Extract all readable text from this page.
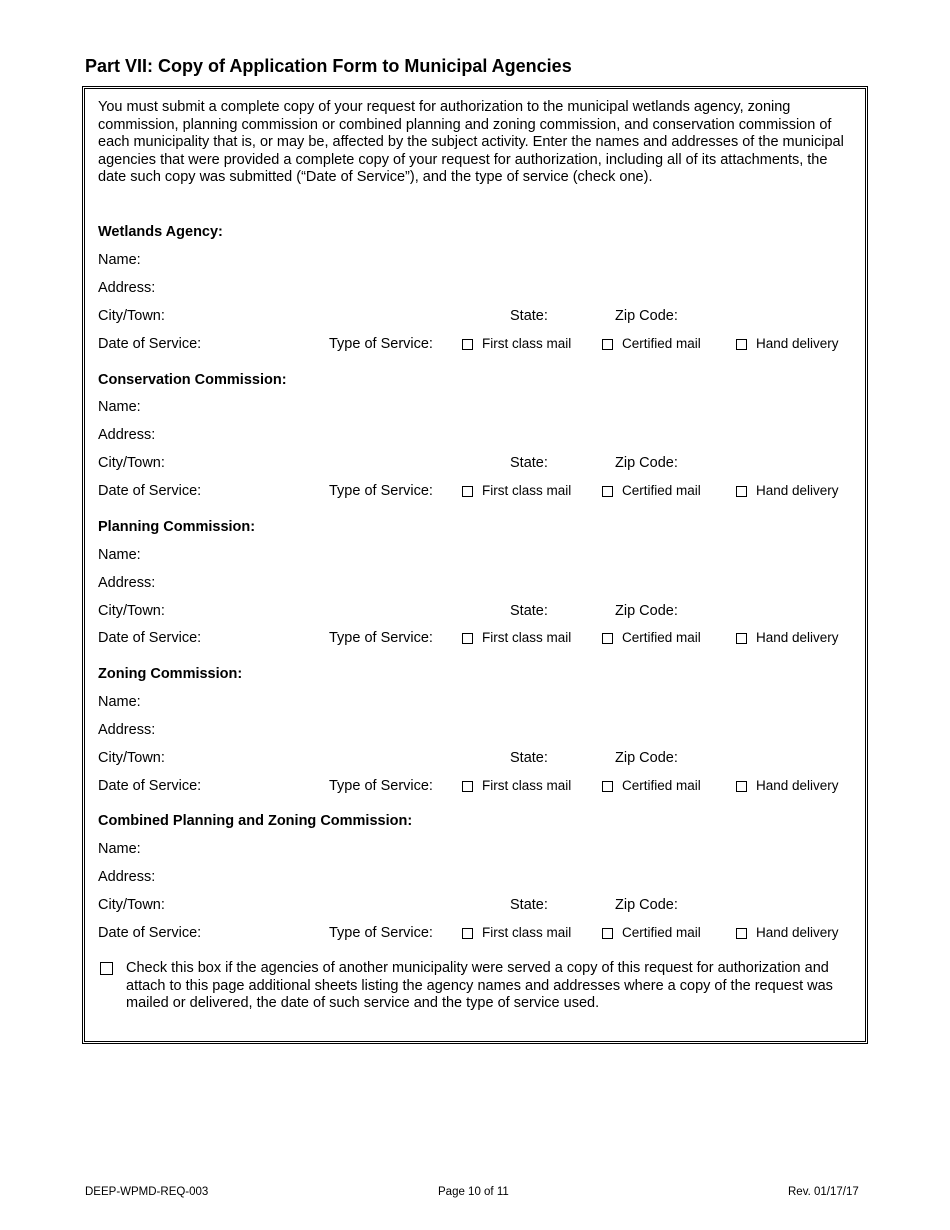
Part VII: Copy of Application Form to Municipal Agencies

You must submit a complete copy of your request for authorization to the municipal wetlands agency, zoning commission, planning commission or combined planning and zoning commission, and conservation commission of each municipality that is, or may be, affected by the subject activity. Enter the names and addresses of the municipal agencies that were provided a complete copy of your request for authorization, including all of its attachments, the date such copy was submitted (“Date of Service”), and the type of service (check one).

Wetlands Agency:
Name:
Address:
City/Town:	State:	Zip Code:
Date of Service:	Type of Service:	First class mail	Certified mail	Hand delivery
Conservation Commission:
Name:
Address:
City/Town:	State:	Zip Code:
Date of Service:	Type of Service:	First class mail	Certified mail	Hand delivery
Planning Commission:
Name:
Address:
City/Town:	State:	Zip Code:
Date of Service:	Type of Service:	First class mail	Certified mail	Hand delivery
Zoning Commission:
Name:
Address:
City/Town:	State:	Zip Code:
Date of Service:	Type of Service:	First class mail	Certified mail	Hand delivery
Combined Planning and Zoning Commission:
Name:
Address:
City/Town:	State:	Zip Code:
Date of Service:	Type of Service:	First class mail	Certified mail	Hand delivery

Check this box if the agencies of another municipality were served a copy of this request for authorization and attach to this page additional sheets listing the agency names and addresses where a copy of the request was mailed or delivered, the date of such service and the type of service used.

DEEP-WPMD-REQ-003	Page 10 of 11	Rev. 01/17/17
